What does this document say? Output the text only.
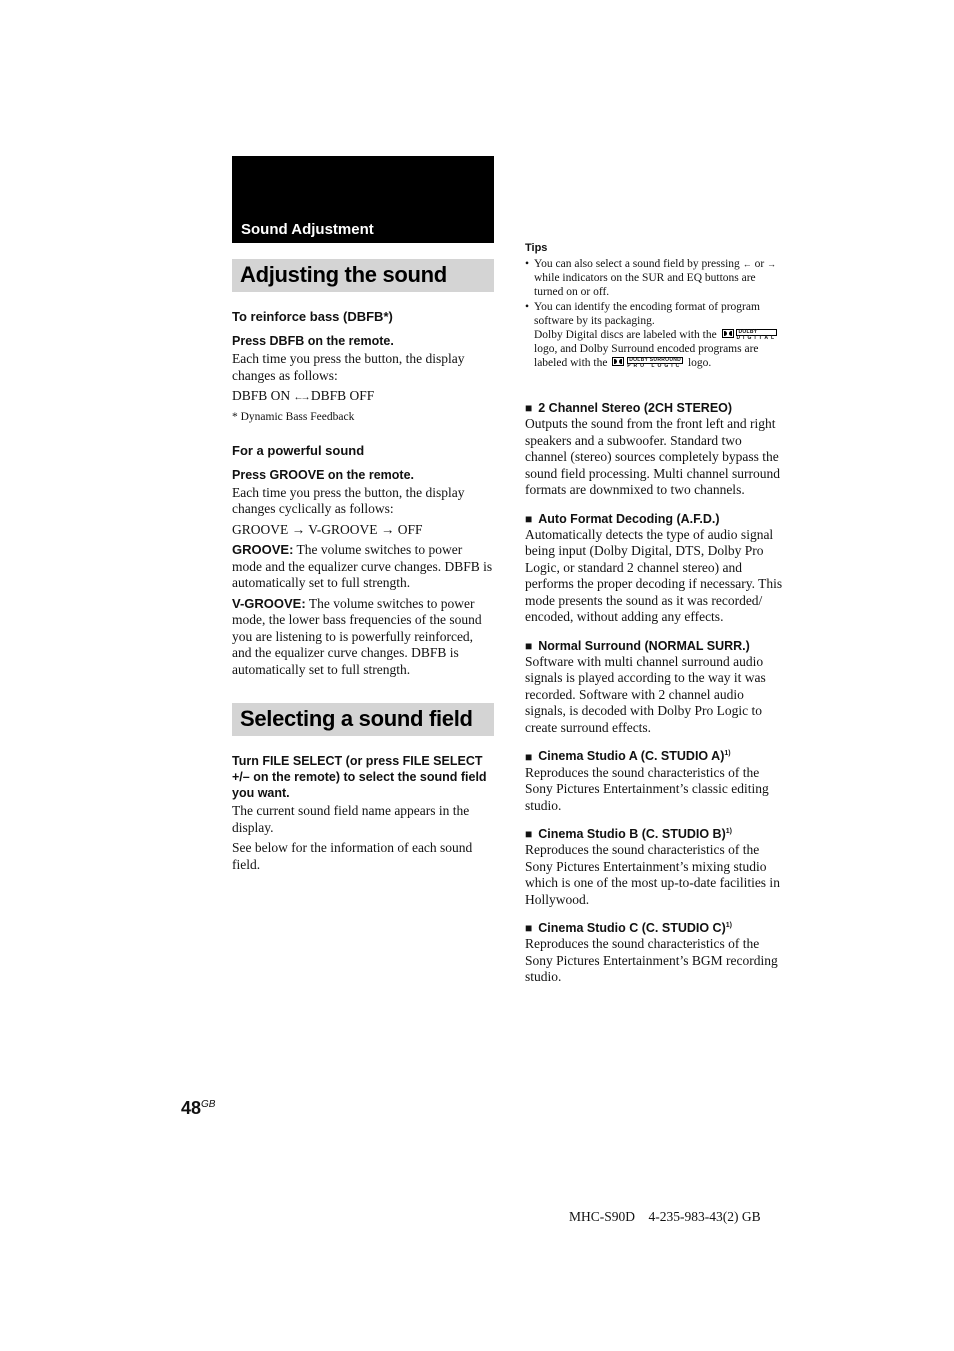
Sound Adjustment
Adjusting the sound

To reinforce bass (DBFB*)

Press DBFB on the remote.

Each time you press the button, the display changes as follows:

DBFB ON ←→ DBFB OFF

* Dynamic Bass Feedback

For a powerful sound

Press GROOVE on the remote.

Each time you press the button, the display changes cyclically as follows:

GROOVE → V-GROOVE → OFF

GROOVE: The volume switches to power mode and the equalizer curve changes. DBFB is automatically set to full strength.

V-GROOVE: The volume switches to power mode, the lower bass frequencies of the sound you are listening to is powerfully reinforced, and the equalizer curve changes. DBFB is automatically set to full strength.

Selecting a sound field

Turn FILE SELECT (or press FILE SELECT +/– on the remote) to select the sound field you want.

The current sound field name appears in the display.

See below for the information of each sound field.

Tips

• You can also select a sound field by pressing ← or → while indicators on the SUR and EQ buttons are turned on or off.

• You can identify the encoding format of program software by its packaging.

Dolby Digital discs are labeled with the	DOLBY
DIGITAL
logo, and Dolby Surround encoded programs are labeled with the	DOLBY SURROUND
PRO LOGIC logo.

■ 2 Channel Stereo (2CH STEREO)

Outputs the sound from the front left and right speakers and a subwoofer. Standard two channel (stereo) sources completely bypass the sound field processing. Multi channel surround formats are downmixed to two channels.

■ Auto Format Decoding (A.F.D.)

Automatically detects the type of audio signal being input (Dolby Digital, DTS, Dolby Pro Logic, or standard 2 channel stereo) and performs the proper decoding if necessary. This mode presents the sound as it was recorded/ encoded, without adding any effects.

■ Normal Surround (NORMAL SURR.)

Software with multi channel surround audio signals is played according to the way it was recorded. Software with 2 channel audio signals, is decoded with Dolby Pro Logic to create surround effects.

■ Cinema Studio A (C. STUDIO A)$^{1)}$

Reproduces the sound characteristics of the Sony Pictures Entertainment’s classic editing studio.

■ Cinema Studio B (C. STUDIO B)$^{1)}$

Reproduces the sound characteristics of the Sony Pictures Entertainment’s mixing studio which is one of the most up-to-date facilities in Hollywood.

■ Cinema Studio C (C. STUDIO C)$^{1)}$

Reproduces the sound characteristics of the Sony Pictures Entertainment’s BGM recording studio.

$48^{GB}$
MHC-S90D    4-235-983-43(2) GB
